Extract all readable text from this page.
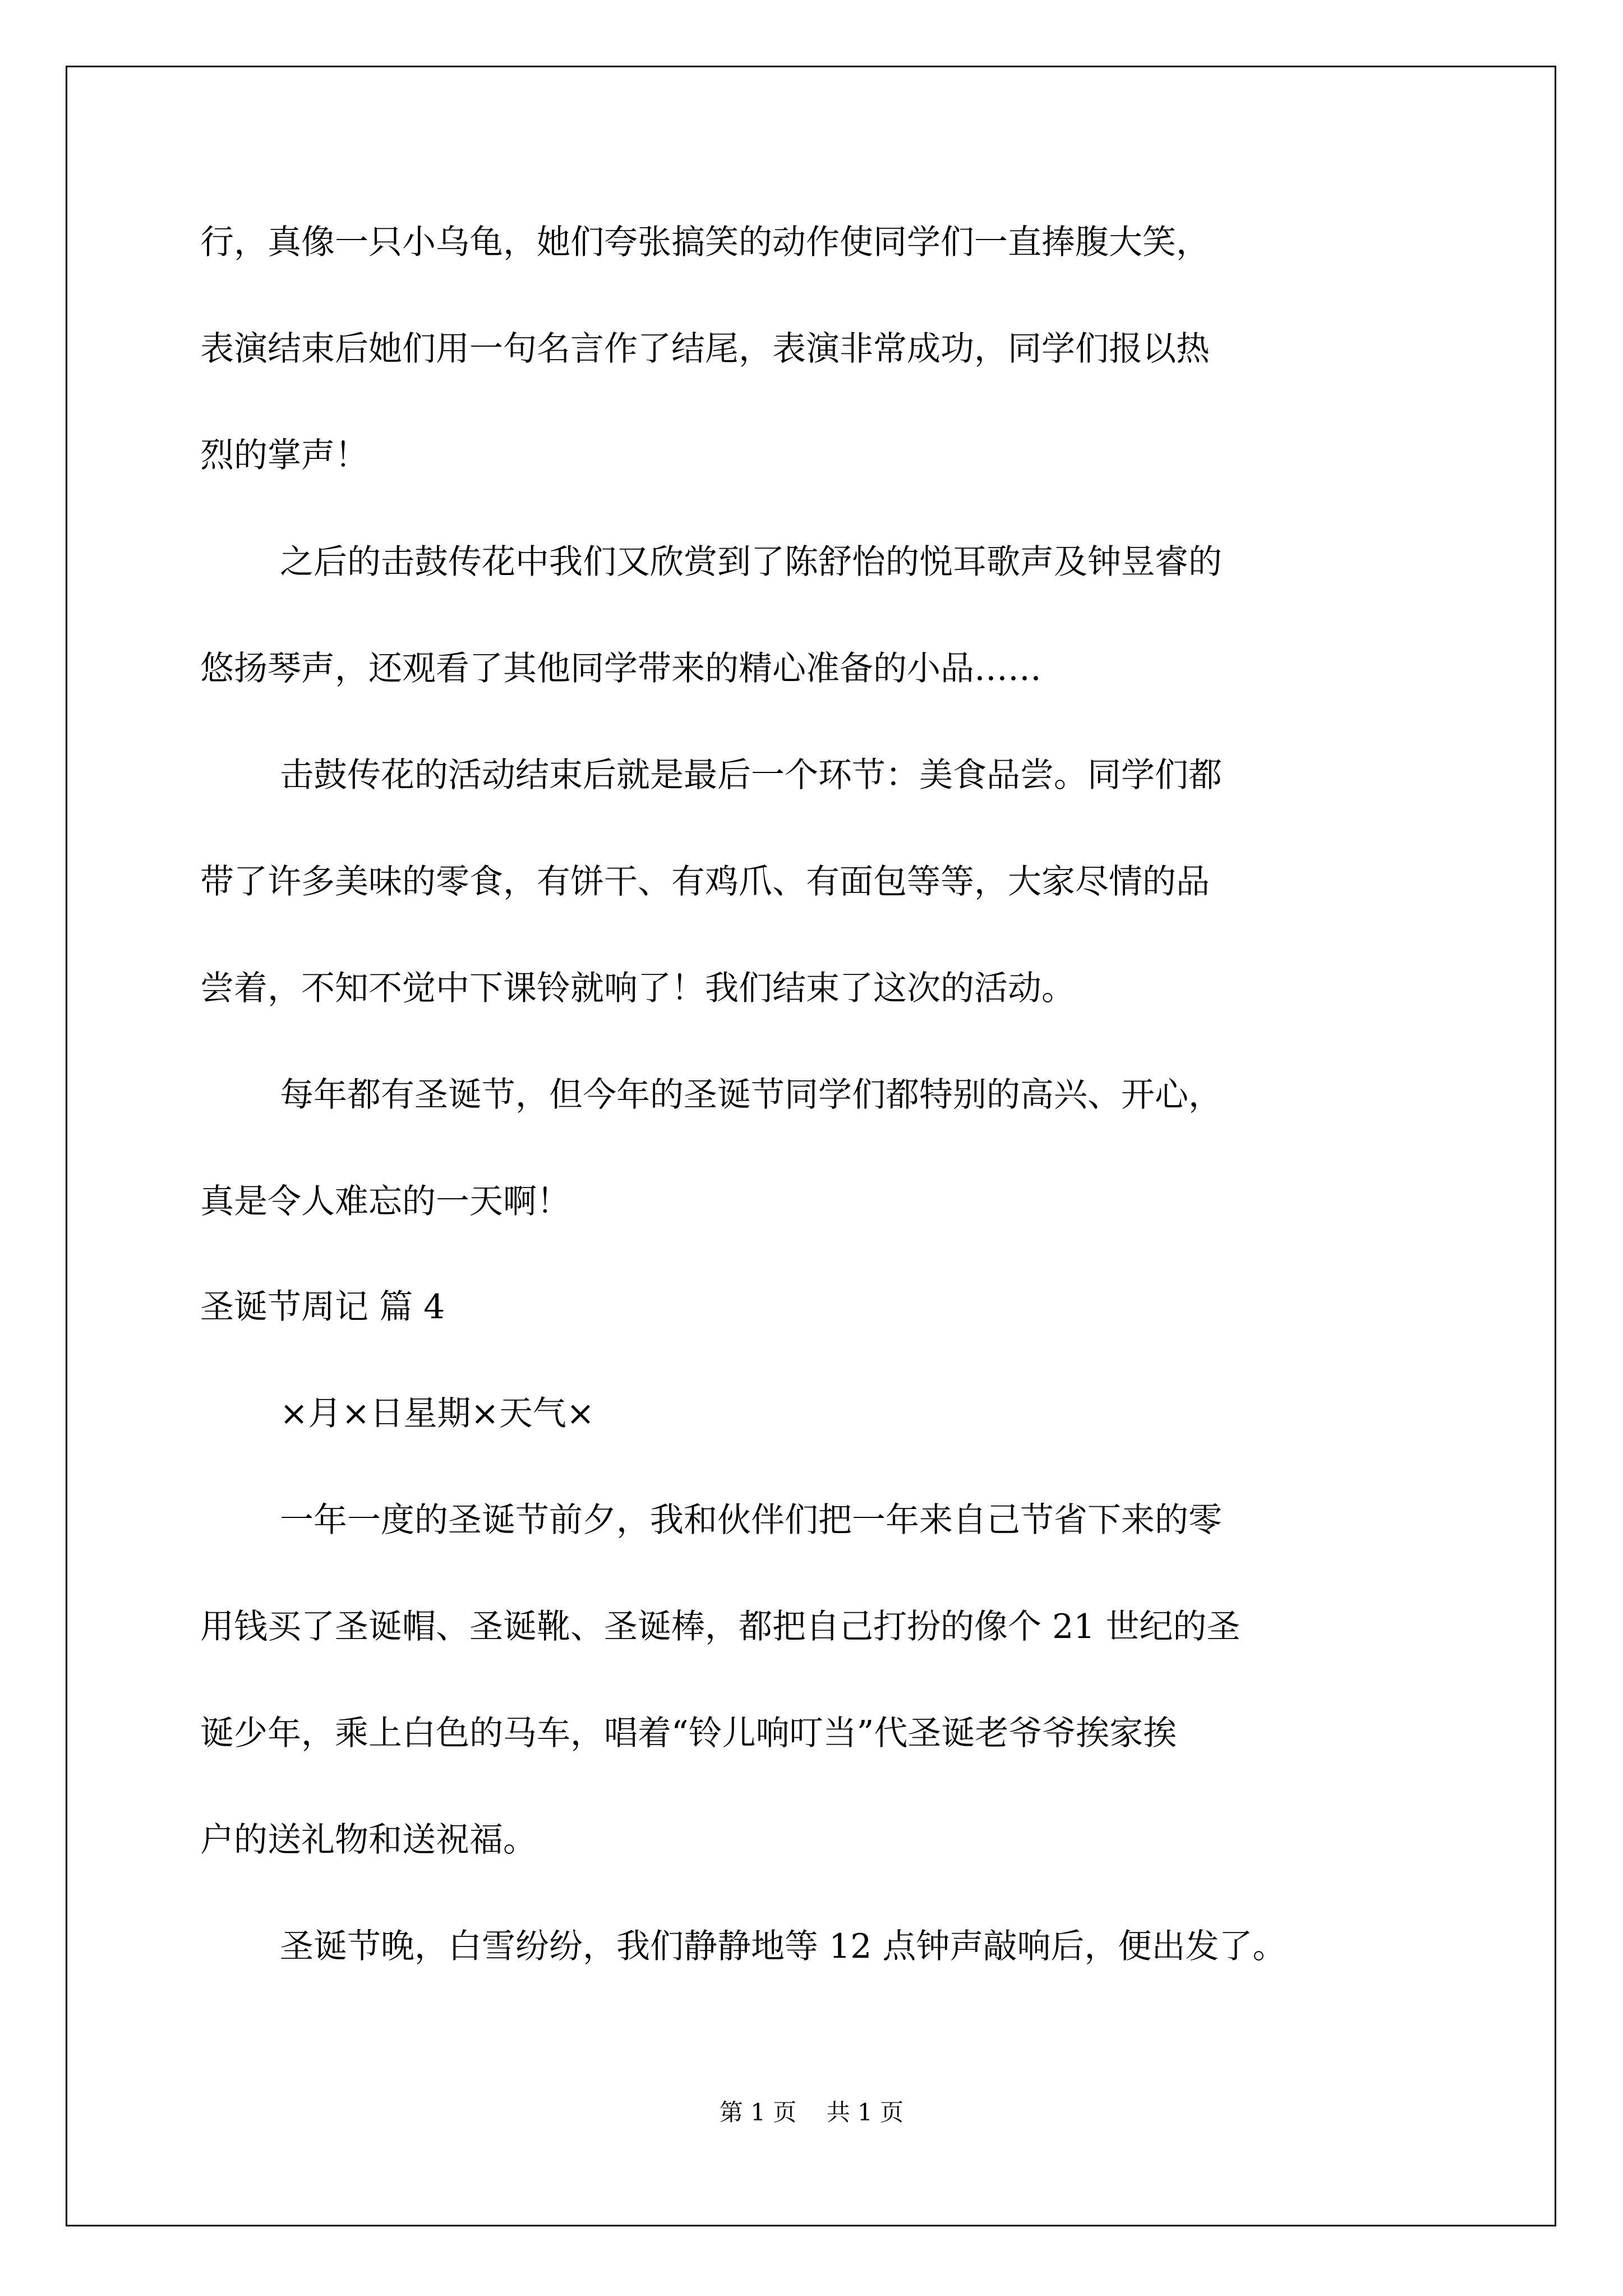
行，真像一只小乌龟，她们夸张搞笑的动作使同学们一直捧腹大笑，
表演结束后她们用一句名言作了结尾，表演非常成功，同学们报以热
烈的掌声！
之后的击鼓传花中我们又欣赏到了陈舒怡的悦耳歌声及钟昱睿的
悠扬琴声，还观看了其他同学带来的精心准备的小品……
击鼓传花的活动结束后就是最后一个环节：美食品尝。同学们都
带了许多美味的零食，有饼干、有鸡爪、有面包等等，大家尽情的品
尝着，不知不觉中下课铃就响了！我们结束了这次的活动。
每年都有圣诞节，但今年的圣诞节同学们都特别的高兴、开心，
真是令人难忘的一天啊！
圣诞节周记 篇 4
×月×日星期×天气×
一年一度的圣诞节前夕，我和伙伴们把一年来自己节省下来的零
用钱买了圣诞帽、圣诞靴、圣诞棒，都把自己打扮的像个 21 世纪的圣
诞少年，乘上白色的马车，唱着“铃儿响叮当”代圣诞老爷爷挨家挨
户的送礼物和送祝福。
圣诞节晚，白雪纷纷，我们静静地等 12 点钟声敲响后，便出发了。
第 1 页    共 1 页
